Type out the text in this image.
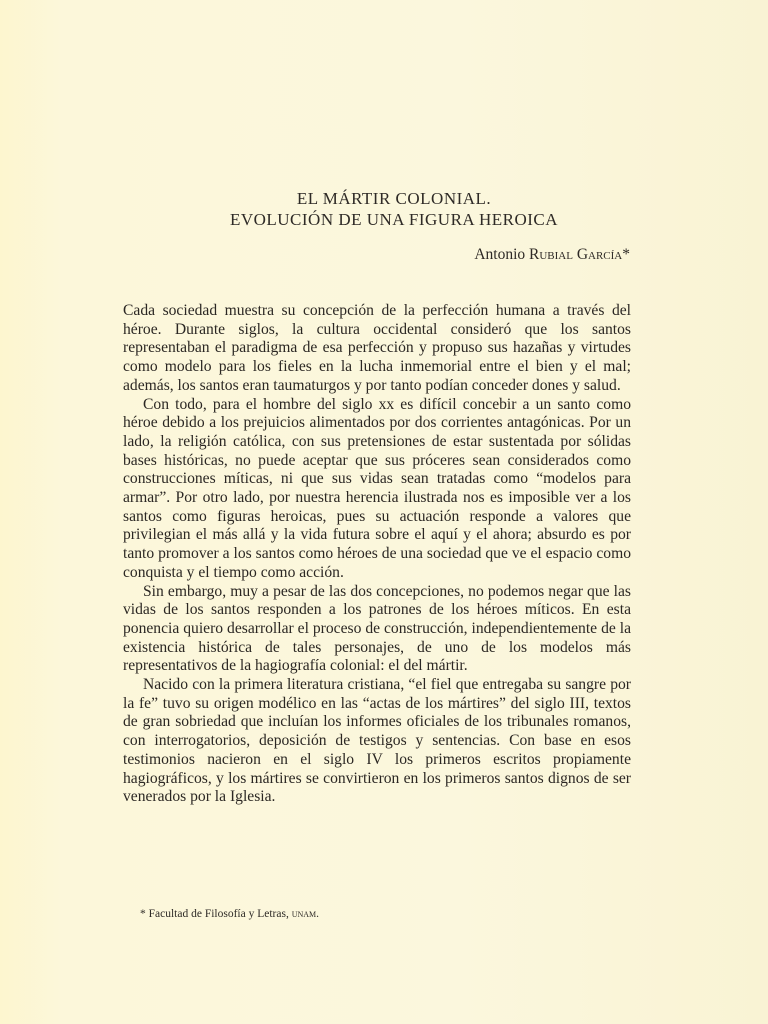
EL MÁRTIR COLONIAL.
EVOLUCIÓN DE UNA FIGURA HEROICA
Antonio Rubial García*

Cada sociedad muestra su concepción de la perfección humana a través del héroe. Durante siglos, la cultura occidental consideró que los santos representaban el paradigma de esa perfección y propuso sus hazañas y virtudes como modelo para los fieles en la lucha inmemorial entre el bien y el mal; además, los santos eran taumaturgos y por tanto podían conceder dones y salud.

Con todo, para el hombre del siglo xx es difícil concebir a un santo como héroe debido a los prejuicios alimentados por dos corrientes antagónicas. Por un lado, la religión católica, con sus pretensiones de estar sustentada por sólidas bases históricas, no puede aceptar que sus próceres sean considerados como construcciones míticas, ni que sus vidas sean tratadas como “modelos para armar”. Por otro lado, por nuestra herencia ilustrada nos es imposible ver a los santos como figuras heroicas, pues su actuación responde a valores que privilegian el más allá y la vida futura sobre el aquí y el ahora; absurdo es por tanto promover a los santos como héroes de una sociedad que ve el espacio como conquista y el tiempo como acción.

Sin embargo, muy a pesar de las dos concepciones, no podemos negar que las vidas de los santos responden a los patrones de los héroes míticos. En esta ponencia quiero desarrollar el proceso de construcción, independientemente de la existencia histórica de tales personajes, de uno de los modelos más representativos de la hagiografía colonial: el del mártir.

Nacido con la primera literatura cristiana, “el fiel que entregaba su sangre por la fe” tuvo su origen modélico en las “actas de los mártires” del siglo III, textos de gran sobriedad que incluían los informes oficiales de los tribunales romanos, con interrogatorios, deposición de testigos y sentencias. Con base en esos testimonios nacieron en el siglo IV los primeros escritos propiamente hagiográficos, y los mártires se convirtieron en los primeros santos dignos de ser venerados por la Iglesia.

* Facultad de Filosofía y Letras, unam.
